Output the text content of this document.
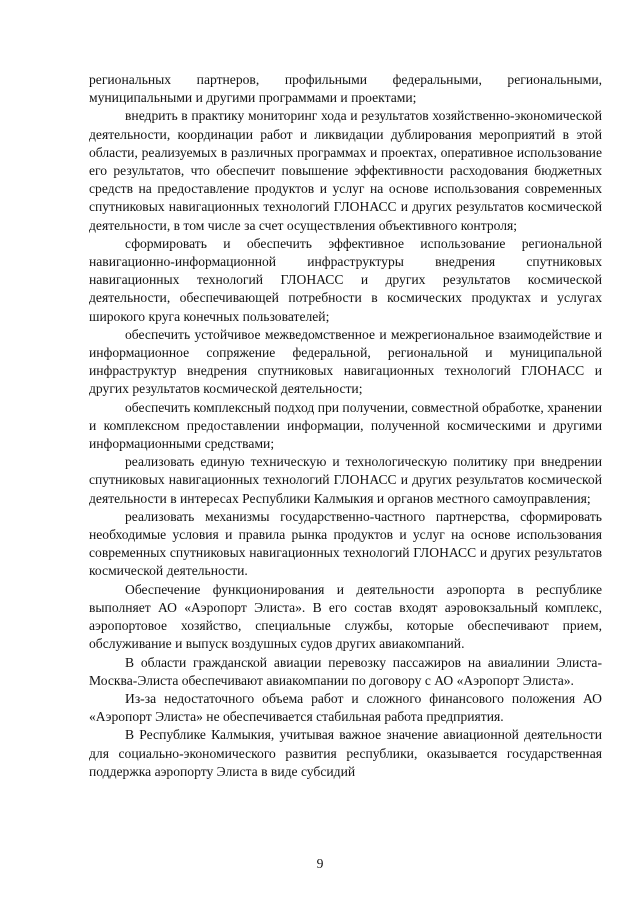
региональных партнеров, профильными федеральными, региональными, муниципальными и другими программами и проектами;

внедрить в практику мониторинг хода и результатов хозяйственно-экономической деятельности, координации работ и ликвидации дублирования мероприятий в этой области, реализуемых в различных программах и проектах, оперативное использование его результатов, что обеспечит повышение эффективности расходования бюджетных средств на предоставление продуктов и услуг на основе использования современных спутниковых навигационных технологий ГЛОНАСС и других результатов космической деятельности, в том числе за счет осуществления объективного контроля;

сформировать и обеспечить эффективное использование региональной навигационно-информационной инфраструктуры внедрения спутниковых навигационных технологий ГЛОНАСС и других результатов космической деятельности, обеспечивающей потребности в космических продуктах и услугах широкого круга конечных пользователей;

обеспечить устойчивое межведомственное и межрегиональное взаимодействие и информационное сопряжение федеральной, региональной и муниципальной инфраструктур внедрения спутниковых навигационных технологий ГЛОНАСС и других результатов космической деятельности;

обеспечить комплексный подход при получении, совместной обработке, хранении и комплексном предоставлении информации, полученной космическими и другими информационными средствами;

реализовать единую техническую и технологическую политику при внедрении спутниковых навигационных технологий ГЛОНАСС и других результатов космической деятельности в интересах Республики Калмыкия и органов местного самоуправления;

реализовать механизмы государственно-частного партнерства, сформировать необходимые условия и правила рынка продуктов и услуг на основе использования современных спутниковых навигационных технологий ГЛОНАСС и других результатов космической деятельности.

Обеспечение функционирования и деятельности аэропорта в республике выполняет АО «Аэропорт Элиста». В его состав входят аэровокзальный комплекс, аэропортовое хозяйство, специальные службы, которые обеспечивают прием, обслуживание и выпуск воздушных судов других авиакомпаний.

В области гражданской авиации перевозку пассажиров на авиалинии Элиста-Москва-Элиста обеспечивают авиакомпании по договору с АО «Аэропорт Элиста».

Из-за недостаточного объема работ и сложного финансового положения АО «Аэропорт Элиста» не обеспечивается стабильная работа предприятия.

В Республике Калмыкия, учитывая важное значение авиационной деятельности для социально-экономического развития республики, оказывается государственная поддержка аэропорту Элиста в виде субсидий

9
